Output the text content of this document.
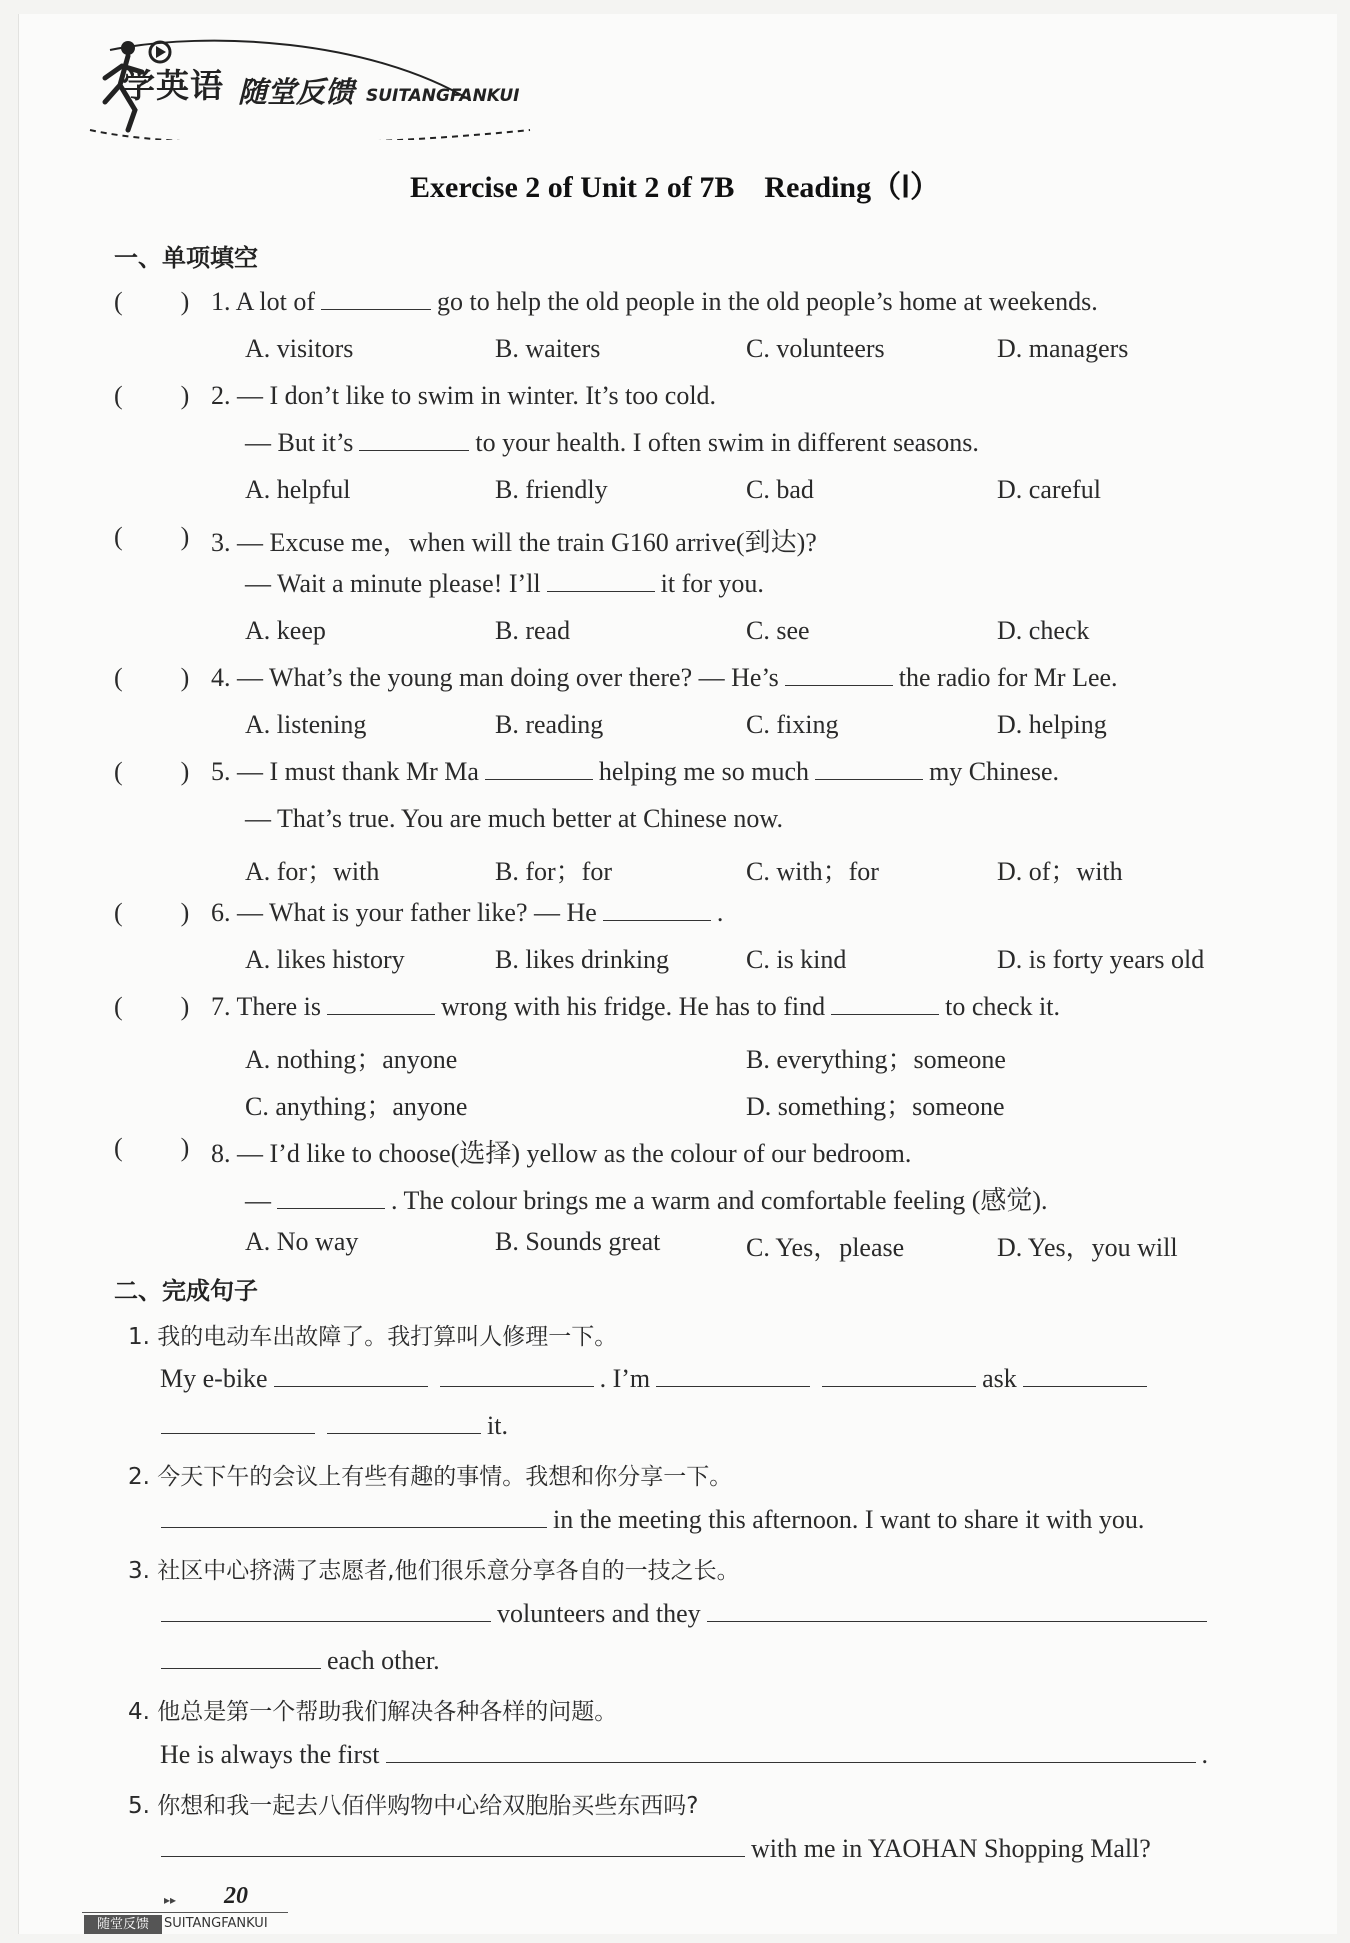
学英语 随堂反馈 SUITANGFANKUI
Exercise 2 of Unit 2 of 7B Reading（Ⅰ）
一、单项填空
( ) 1. A lot of	go to help the old people in the old people’s home at weekends.
A. visitors	B. waiters	C. volunteers	D. managers
( ) 2. — I don’t like to swim in winter. It’s too cold.
— But it’s	to your health. I often swim in different seasons.
A. helpful	B. friendly	C. bad	D. careful
( ) 3. — Excuse me，when will the train G160 arrive(到达)?
— Wait a minute please! I’ll	it for you.
A. keep	B. read	C. see	D. check
( ) 4. — What’s the young man doing over there? — He’s	the radio for Mr Lee.
A. listening	B. reading	C. fixing	D. helping
( ) 5. — I must thank Mr Ma	helping me so much	my Chinese.
— That’s true. You are much better at Chinese now.
A. for；with	B. for；for	C. with；for	D. of；with
( ) 6. — What is your father like? — He	.
A. likes history	B. likes drinking	C. is kind	D. is forty years old
( ) 7. There is	wrong with his fridge. He has to find	to check it.
A. nothing；anyone	B. everything；someone
C. anything；anyone	D. something；someone
( ) 8. — I’d like to choose(选择) yellow as the colour of our bedroom.
—	. The colour brings me a warm and comfortable feeling (感觉).
A. No way	B. Sounds great	C. Yes，please	D. Yes，you will
二、完成句子
1. 我的电动车出故障了。我打算叫人修理一下。
My e-bike	. I’m	ask
it.
2. 今天下午的会议上有些有趣的事情。我想和你分享一下。
in the meeting this afternoon. I want to share it with you.
3. 社区中心挤满了志愿者,他们很乐意分享各自的一技之长。
volunteers and they
each other.
4. 他总是第一个帮助我们解决各种各样的问题。
He is always the first	.
5. 你想和我一起去八佰伴购物中心给双胞胎买些东西吗?
with me in YAOHAN Shopping Mall?
▸▸ 20
随堂反馈	SUITANGFANKUI
